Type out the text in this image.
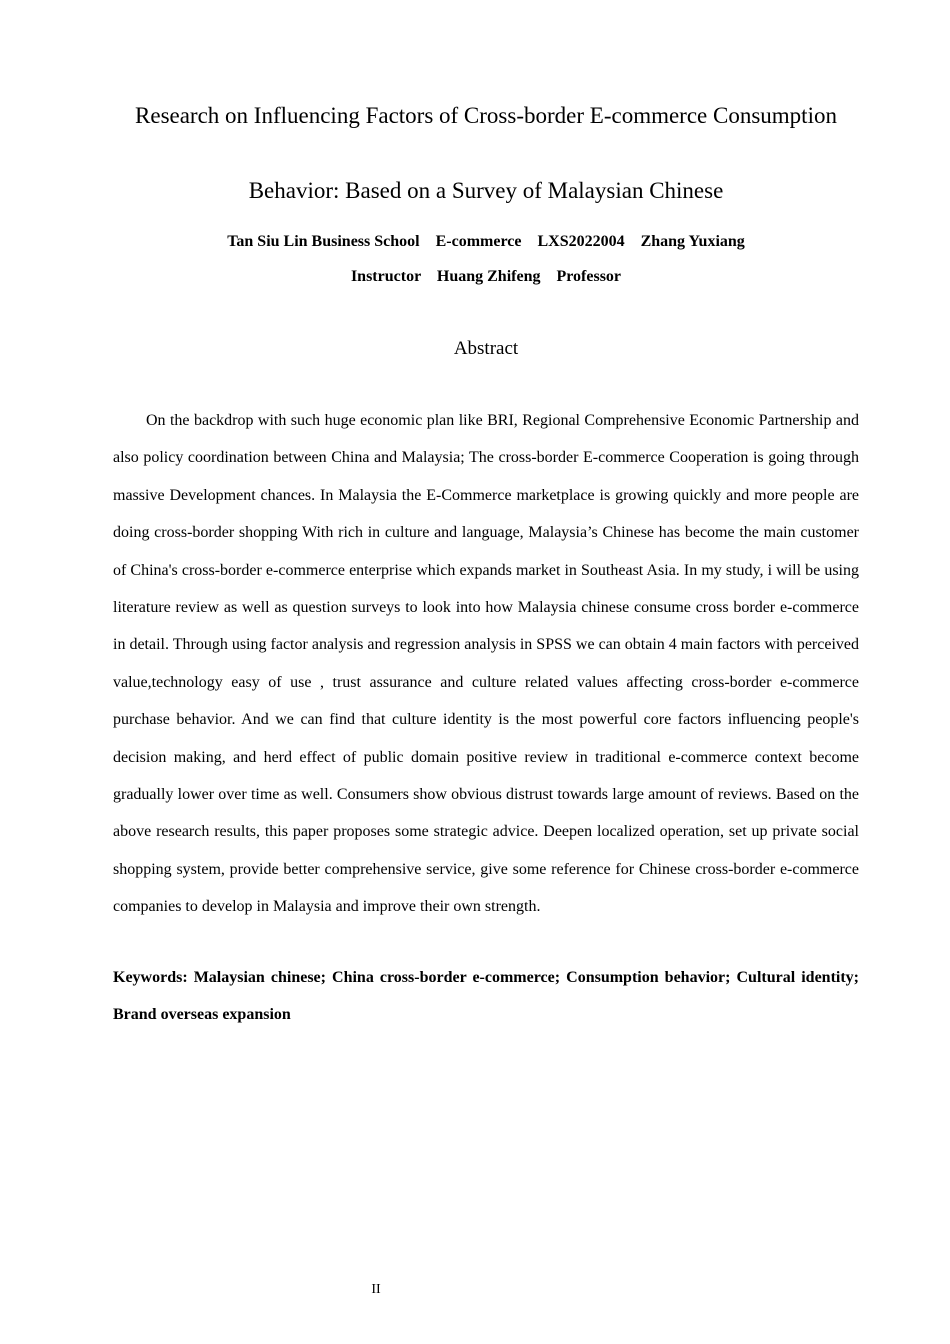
Research on Influencing Factors of Cross-border E-commerce Consumption
Behavior: Based on a Survey of Malaysian Chinese
Tan Siu Lin Business School    E-commerce    LXS2022004    Zhang Yuxiang
Instructor    Huang Zhifeng    Professor
Abstract

On the backdrop with such huge economic plan like BRI, Regional Comprehensive Economic Partnership and also policy coordination between China and Malaysia; The cross-border E-commerce Cooperation is going through massive Development chances. In Malaysia the E-Commerce marketplace is growing quickly and more people are doing cross-border shopping With rich in culture and language, Malaysia’s Chinese has become the main customer of China's cross-border e-commerce enterprise which expands market in Southeast Asia. In my study, i will be using literature review as well as question surveys to look into how Malaysia chinese consume cross border e-commerce in detail. Through using factor analysis and regression analysis in SPSS we can obtain 4 main factors with perceived value,technology easy of use , trust assurance and culture related values affecting cross-border e-commerce purchase behavior. And we can find that culture identity is the most powerful core factors influencing people's decision making, and herd effect of public domain positive review in traditional e-commerce context become gradually lower over time as well. Consumers show obvious distrust towards large amount of reviews. Based on the above research results, this paper proposes some strategic advice. Deepen localized operation, set up private social shopping system, provide better comprehensive service, give some reference for Chinese cross-border e-commerce companies to develop in Malaysia and improve their own strength.

Keywords: Malaysian chinese; China cross-border e-commerce; Consumption behavior; Cultural identity; Brand overseas expansion

II
